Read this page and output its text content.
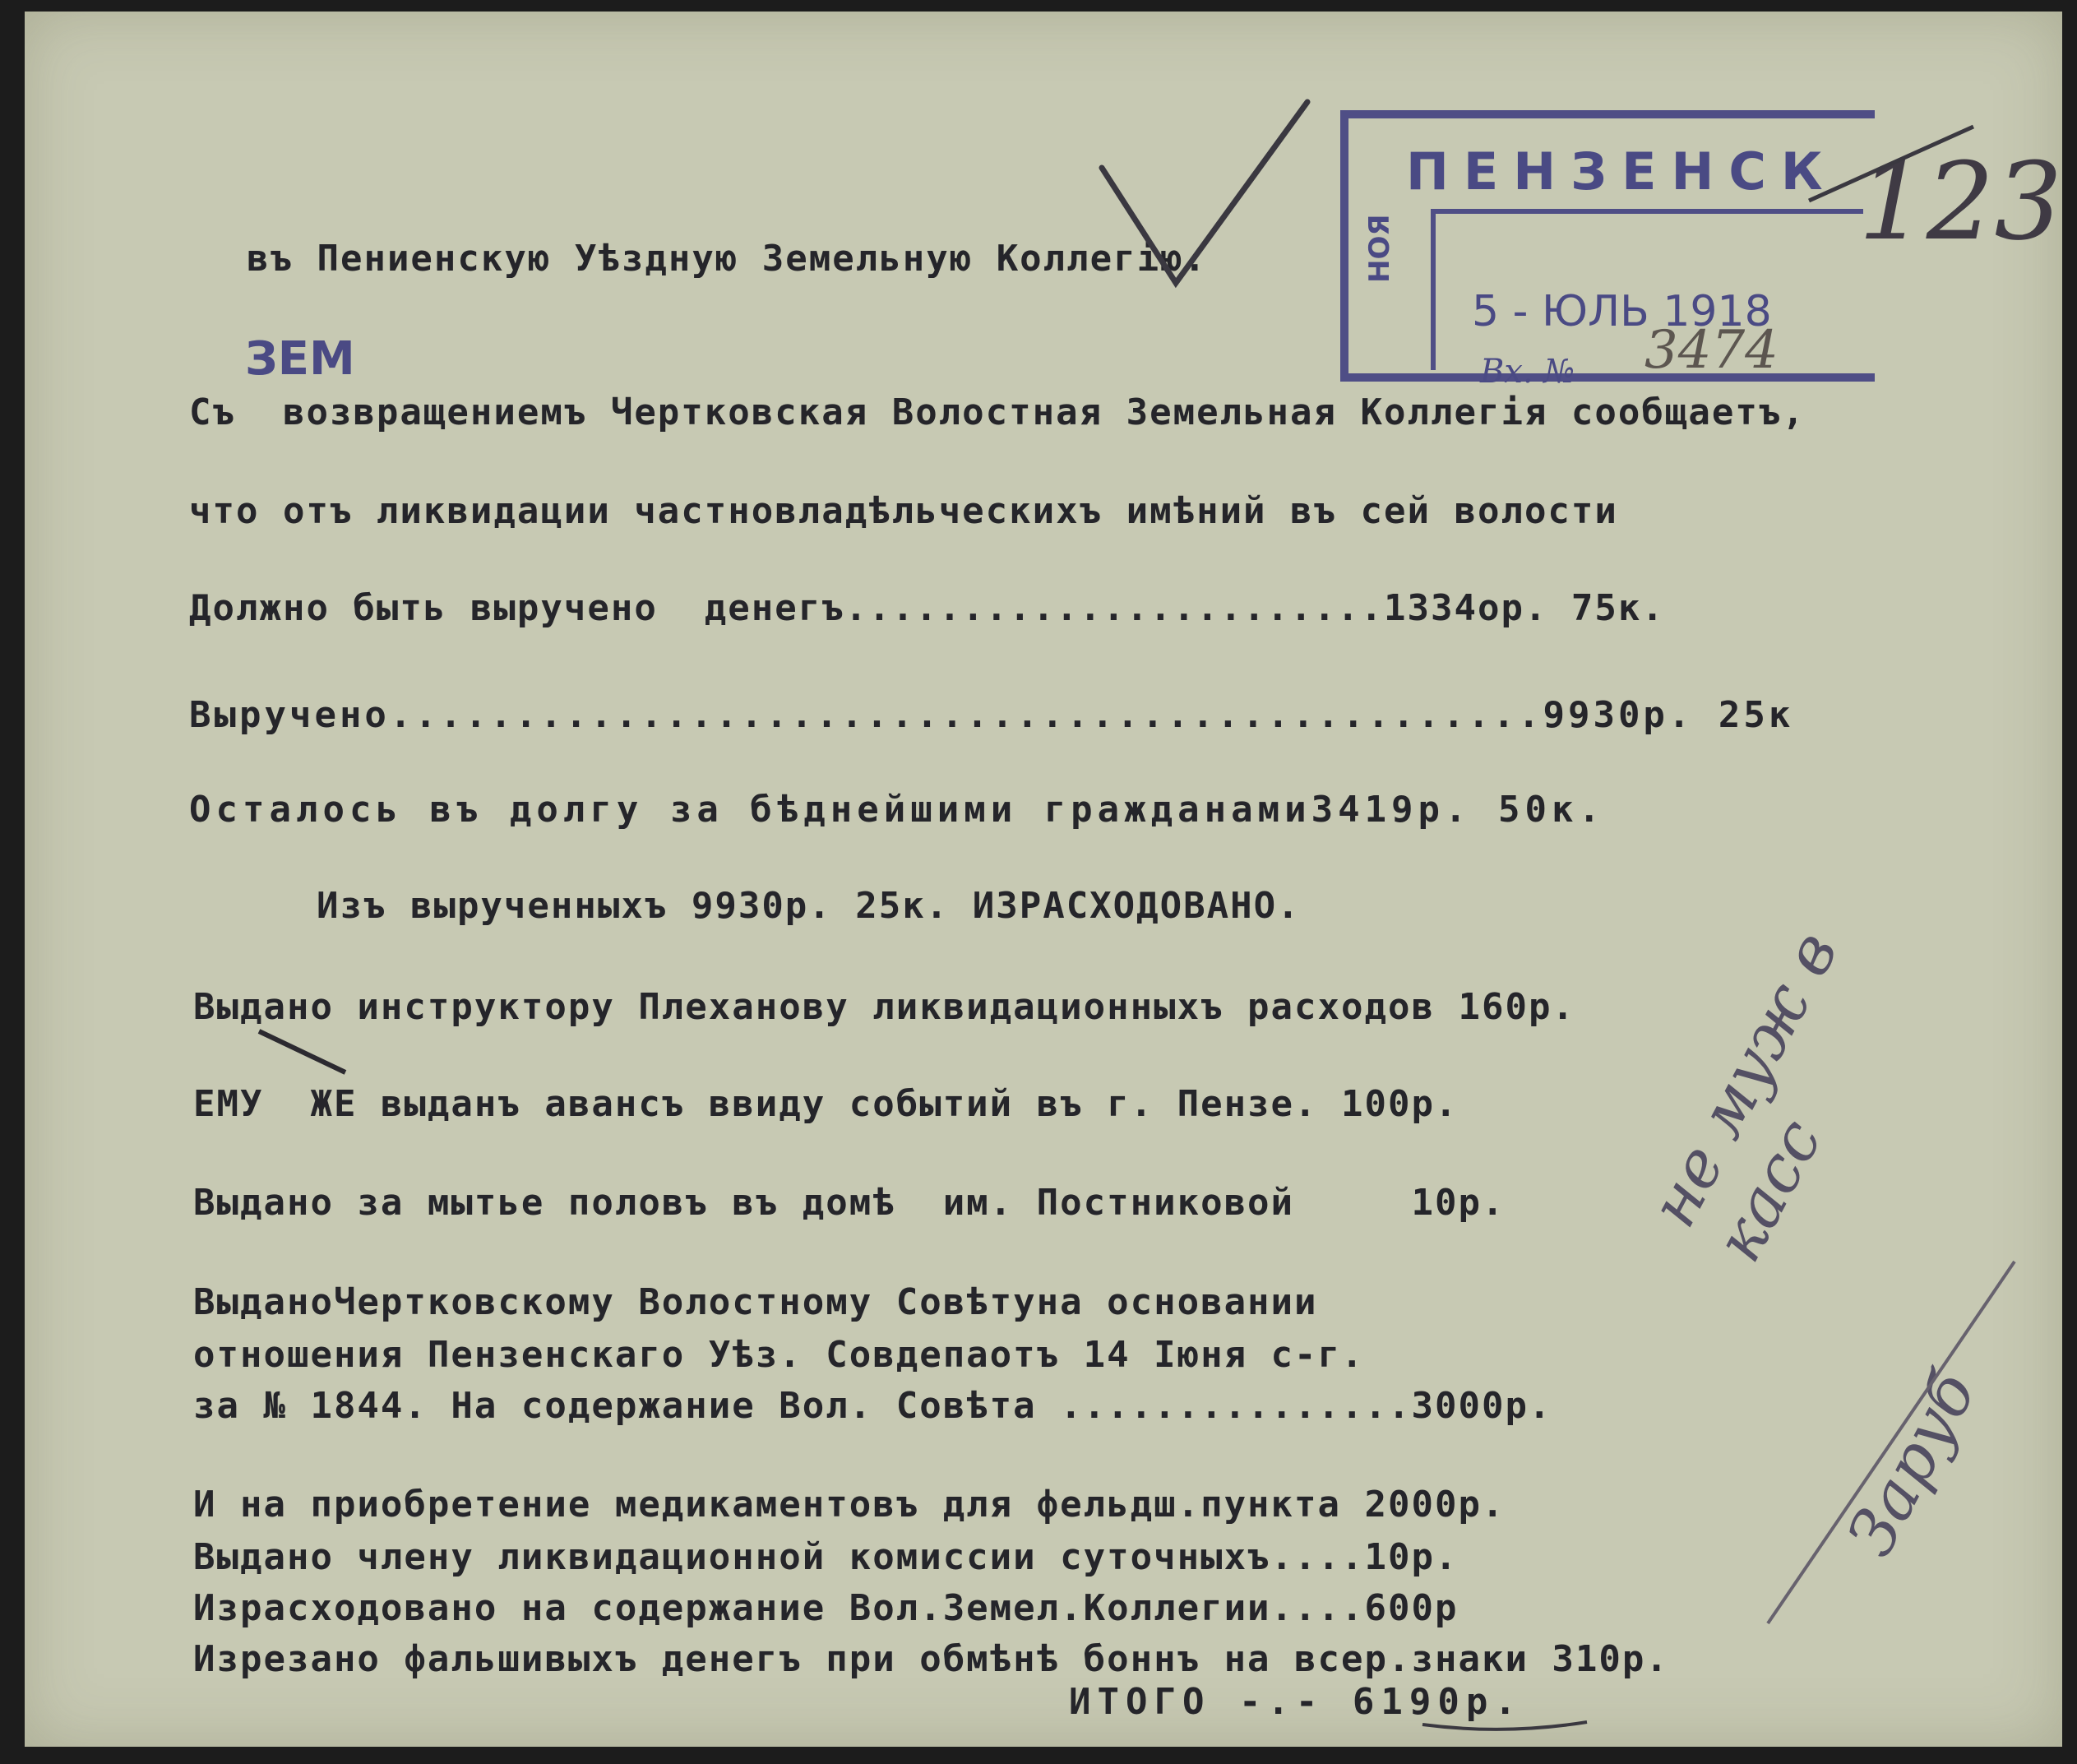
въ Пениенскую Уѣздную Земельную Коллегію.
Съ  возвращениемъ Чертковская Волостная Земельная Коллегія сообщаетъ,
что отъ ликвидации частновладѣльческихъ имѣний въ сей волости
Должно быть выручено  денегъ.......................1334ор. 75к.
Выручено..............................................9930р. 25к
Осталось въ долгу за бѣднейшими гражданами3419р. 50к.
Изъ вырученныхъ 9930р. 25к. ИЗРАСХОДОВАНО.
Выдано инструктору Плеханову ликвидационныхъ расходов 160р.
ЕМУ  ЖЕ выданъ авансъ ввиду событий въ г. Пензе. 100р.
Выдано за мытье половъ въ домѣ  им. Постниковой     10р.
ВыданоЧертковскому Волостному Совѣтуна основании
отношения Пензенскаго Уѣз. Совдепаотъ 14 Iюня с-г.
за № 1844. На содержание Вол. Совѣта ...............3000р.
И на приобретение медикаментовъ для фельдш.пункта 2000р.
Выдано члену ликвидационной комиссии суточныхъ....10р.
Израсходовано на содержание Вол.Земел.Коллегии....600р
Изрезано фальшивыхъ денегъ при обмѣнѣ боннъ на всер.знаки 310р.
ИТОГО -.- 6190р.
ПЕНЗЕНСК
НОЯ
5 - ЮЛЬ 1918
Вх. № 3474
ЗЕМ
123
не муж в касс
Заруб
